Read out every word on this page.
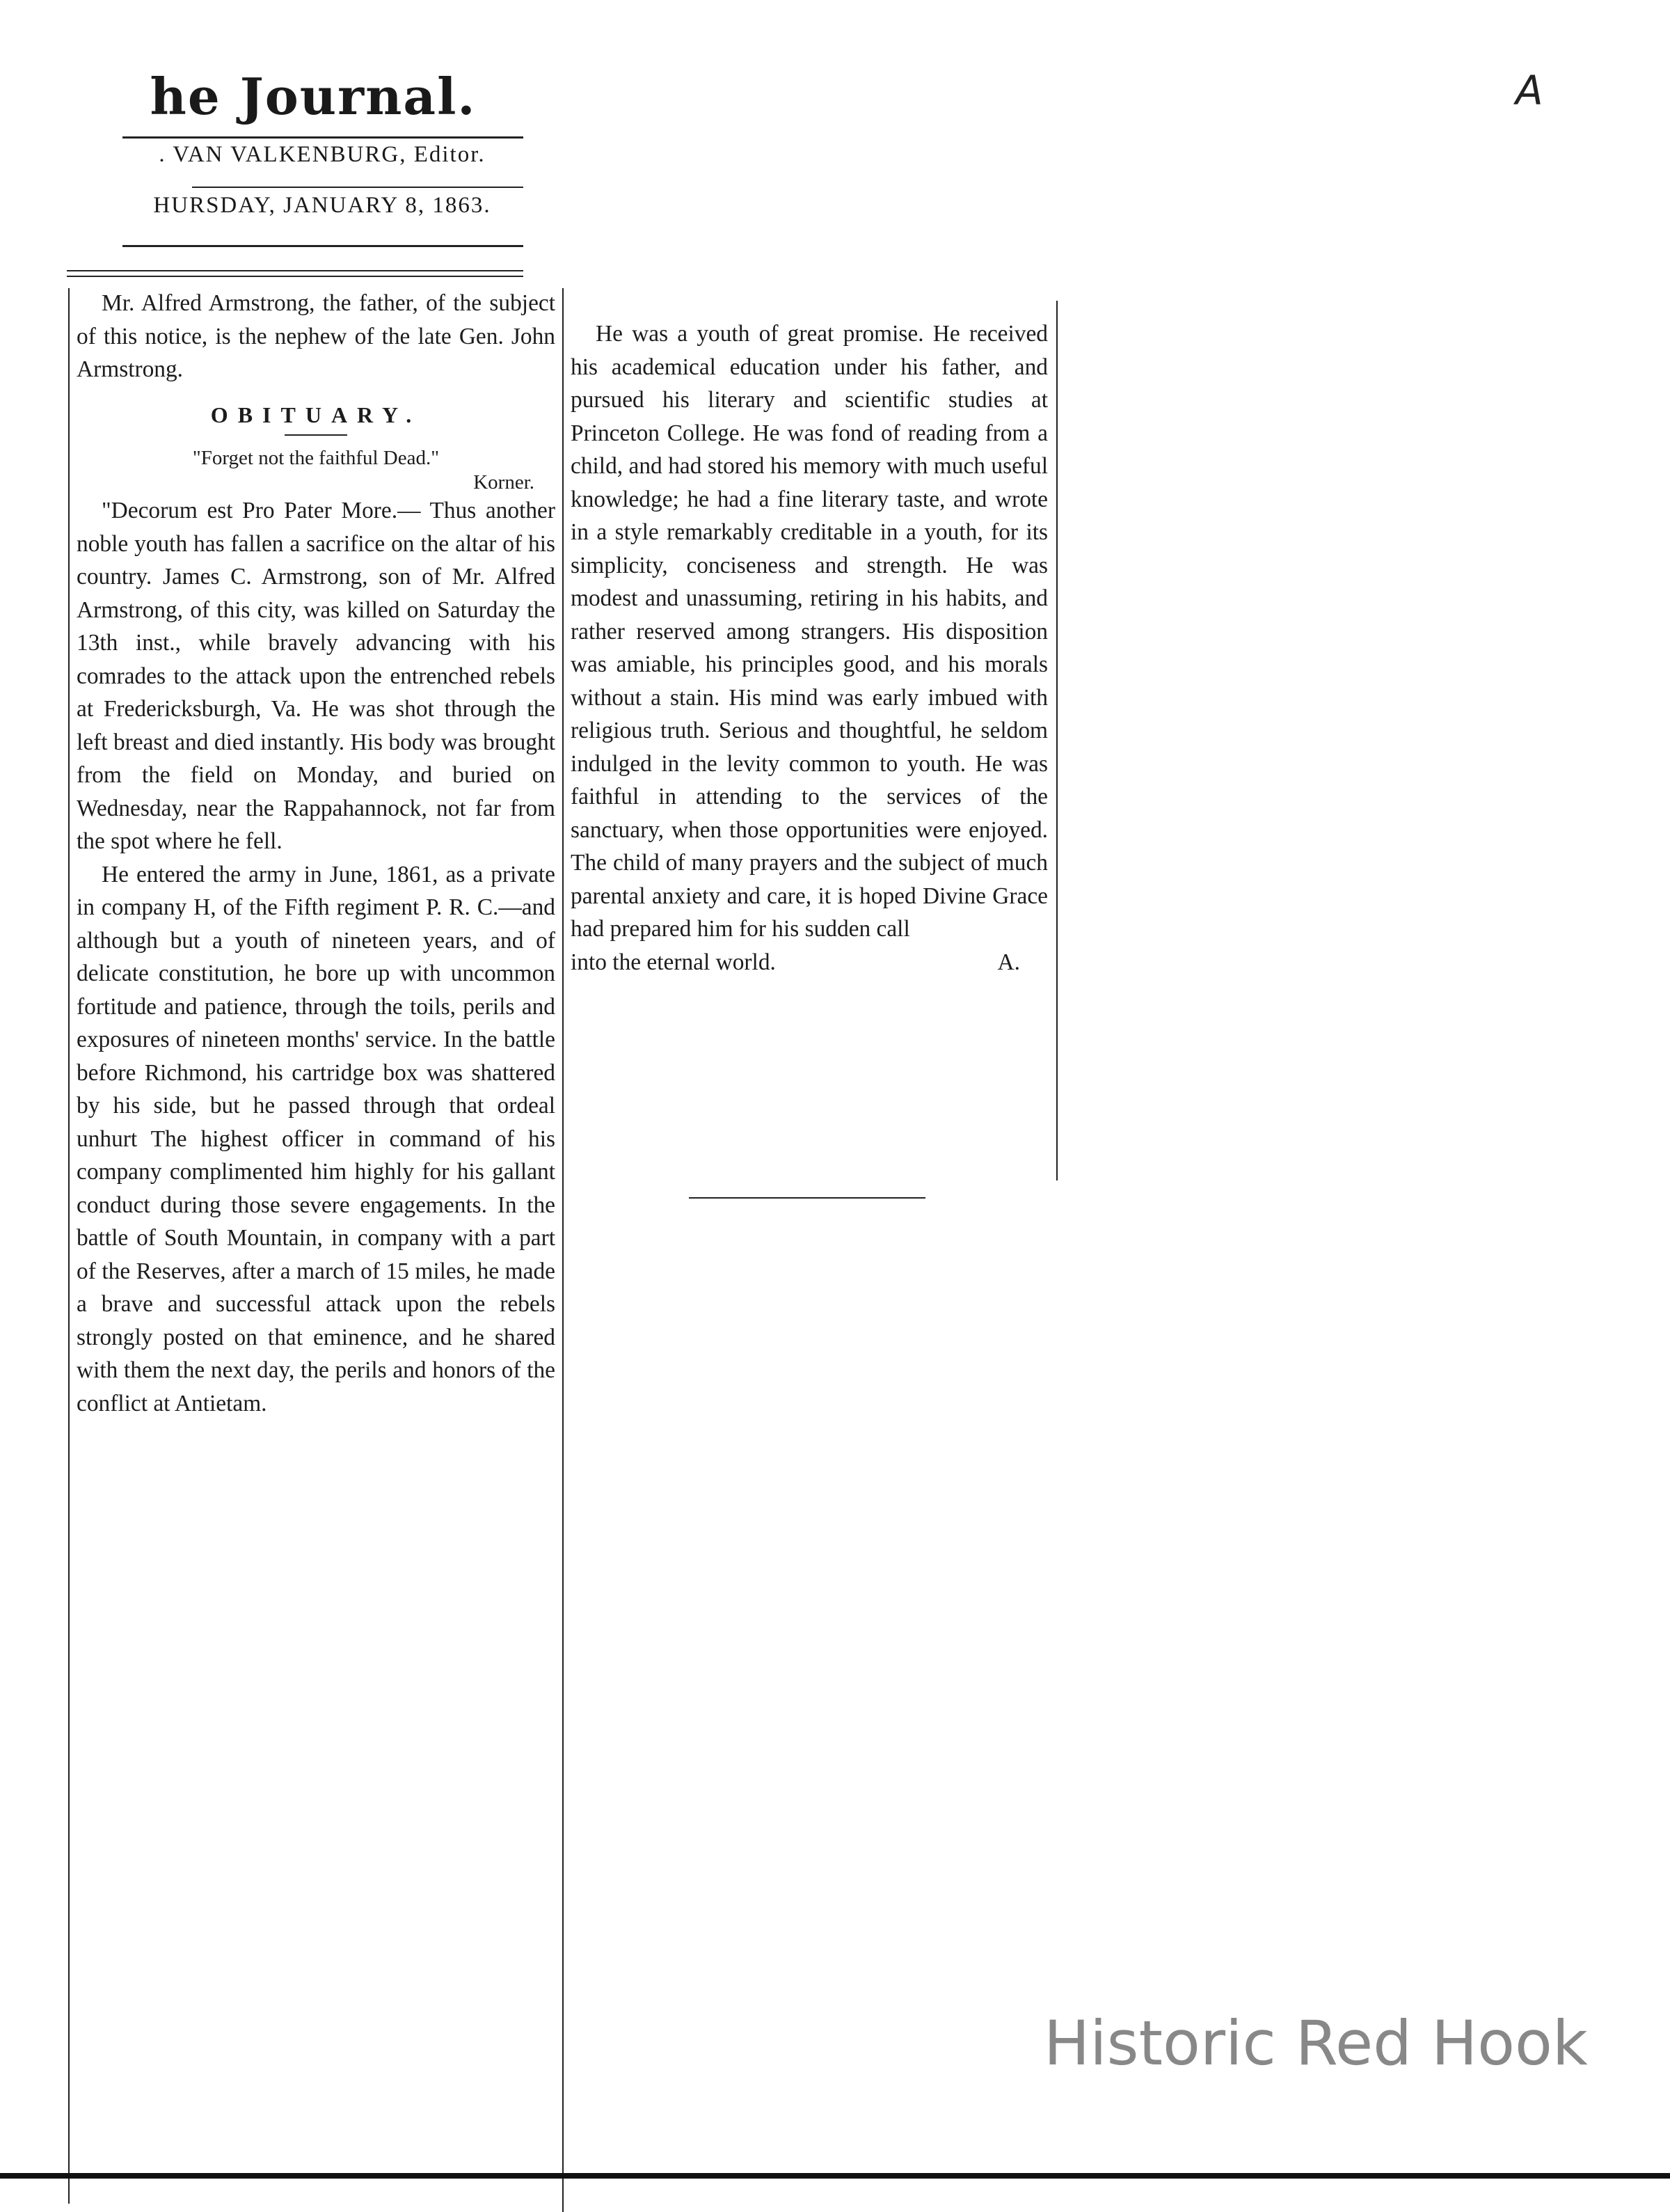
he Journal.
. VAN VALKENBURG, Editor.
HURSDAY, JANUARY 8, 1863.
A

Mr. Alfred Armstrong, the father, of the subject of this notice, is the nephew of the late Gen. John Armstrong.

OBITUARY.
"Forget not the faithful Dead."
Korner.

"Decorum est Pro Pater More.— Thus another noble youth has fallen a sacrifice on the altar of his country. James C. Armstrong, son of Mr. Alfred Armstrong, of this city, was killed on Saturday the 13th inst., while bravely advancing with his comrades to the attack upon the entrenched rebels at Fredericksburgh, Va. He was shot through the left breast and died instantly. His body was brought from the field on Monday, and buried on Wednesday, near the Rappahannock, not far from the spot where he fell.

He entered the army in June, 1861, as a private in company H, of the Fifth regiment P. R. C.—and although but a youth of nineteen years, and of delicate constitution, he bore up with uncommon fortitude and patience, through the toils, perils and exposures of nineteen months' service. In the battle before Richmond, his cartridge box was shattered by his side, but he passed through that ordeal unhurt The highest officer in command of his company complimented him highly for his gallant conduct during those severe engagements. In the battle of South Mountain, in company with a part of the Reserves, after a march of 15 miles, he made a brave and successful attack upon the rebels strongly posted on that eminence, and he shared with them the next day, the perils and honors of the conflict at Antietam.

He was a youth of great promise. He received his academical education under his father, and pursued his literary and scientific studies at Princeton College. He was fond of reading from a child, and had stored his memory with much useful knowledge; he had a fine literary taste, and wrote in a style remarkably creditable in a youth, for its simplicity, conciseness and strength. He was modest and unassuming, retiring in his habits, and rather reserved among strangers. His disposition was amiable, his principles good, and his morals without a stain. His mind was early imbued with religious truth. Serious and thoughtful, he seldom indulged in the levity common to youth. He was faithful in attending to the services of the sanctuary, when those opportunities were enjoyed. The child of many prayers and the subject of much parental anxiety and care, it is hoped Divine Grace had prepared him for his sudden call

into the eternal world.	A.
Historic Red Hook
